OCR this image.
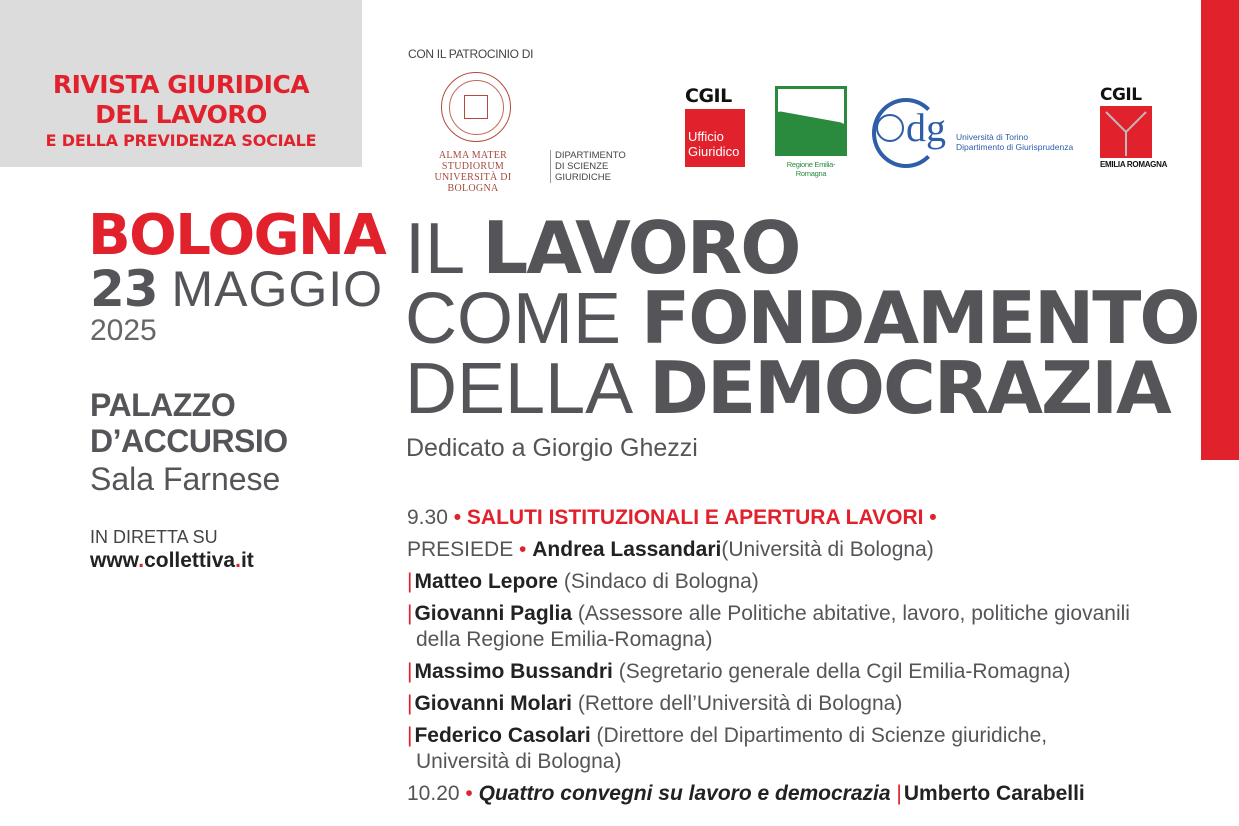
RIVISTA GIURIDICA
DEL LAVORO
E DELLA PREVIDENZA SOCIALE
CON IL PATROCINIO DI
ALMA MATER STUDIORUM
UNIVERSITÀ DI BOLOGNA
DIPARTIMENTO
DI SCIENZE GIURIDICHE
CGIL
Ufficio
Giuridico
Regione Emilia-Romagna
dg Università di Torino
Dipartimento di Giurisprudenza
CGIL
EMILIA ROMAGNA
BOLOGNA
23 MAGGIO
2025
PALAZZO
D’ACCURSIO
Sala Farnese
IN DIRETTA SU
www.collettiva.it
IL LAVORO
COME FONDAMENTO
DELLA DEMOCRAZIA
Dedicato a Giorgio Ghezzi
9.30 • SALUTI ISTITUZIONALI E APERTURA LAVORI •
PRESIEDE • Andrea Lassandari(Università di Bologna)
|Matteo Lepore (Sindaco di Bologna)
|Giovanni Paglia (Assessore alle Politiche abitative, lavoro, politiche giovanili
della Regione Emilia-Romagna)
|Massimo Bussandri (Segretario generale della Cgil Emilia-Romagna)
|Giovanni Molari (Rettore dell’Università di Bologna)
|Federico Casolari (Direttore del Dipartimento di Scienze giuridiche,
Università di Bologna)
10.20 • Quattro convegni su lavoro e democrazia |Umberto Carabelli
